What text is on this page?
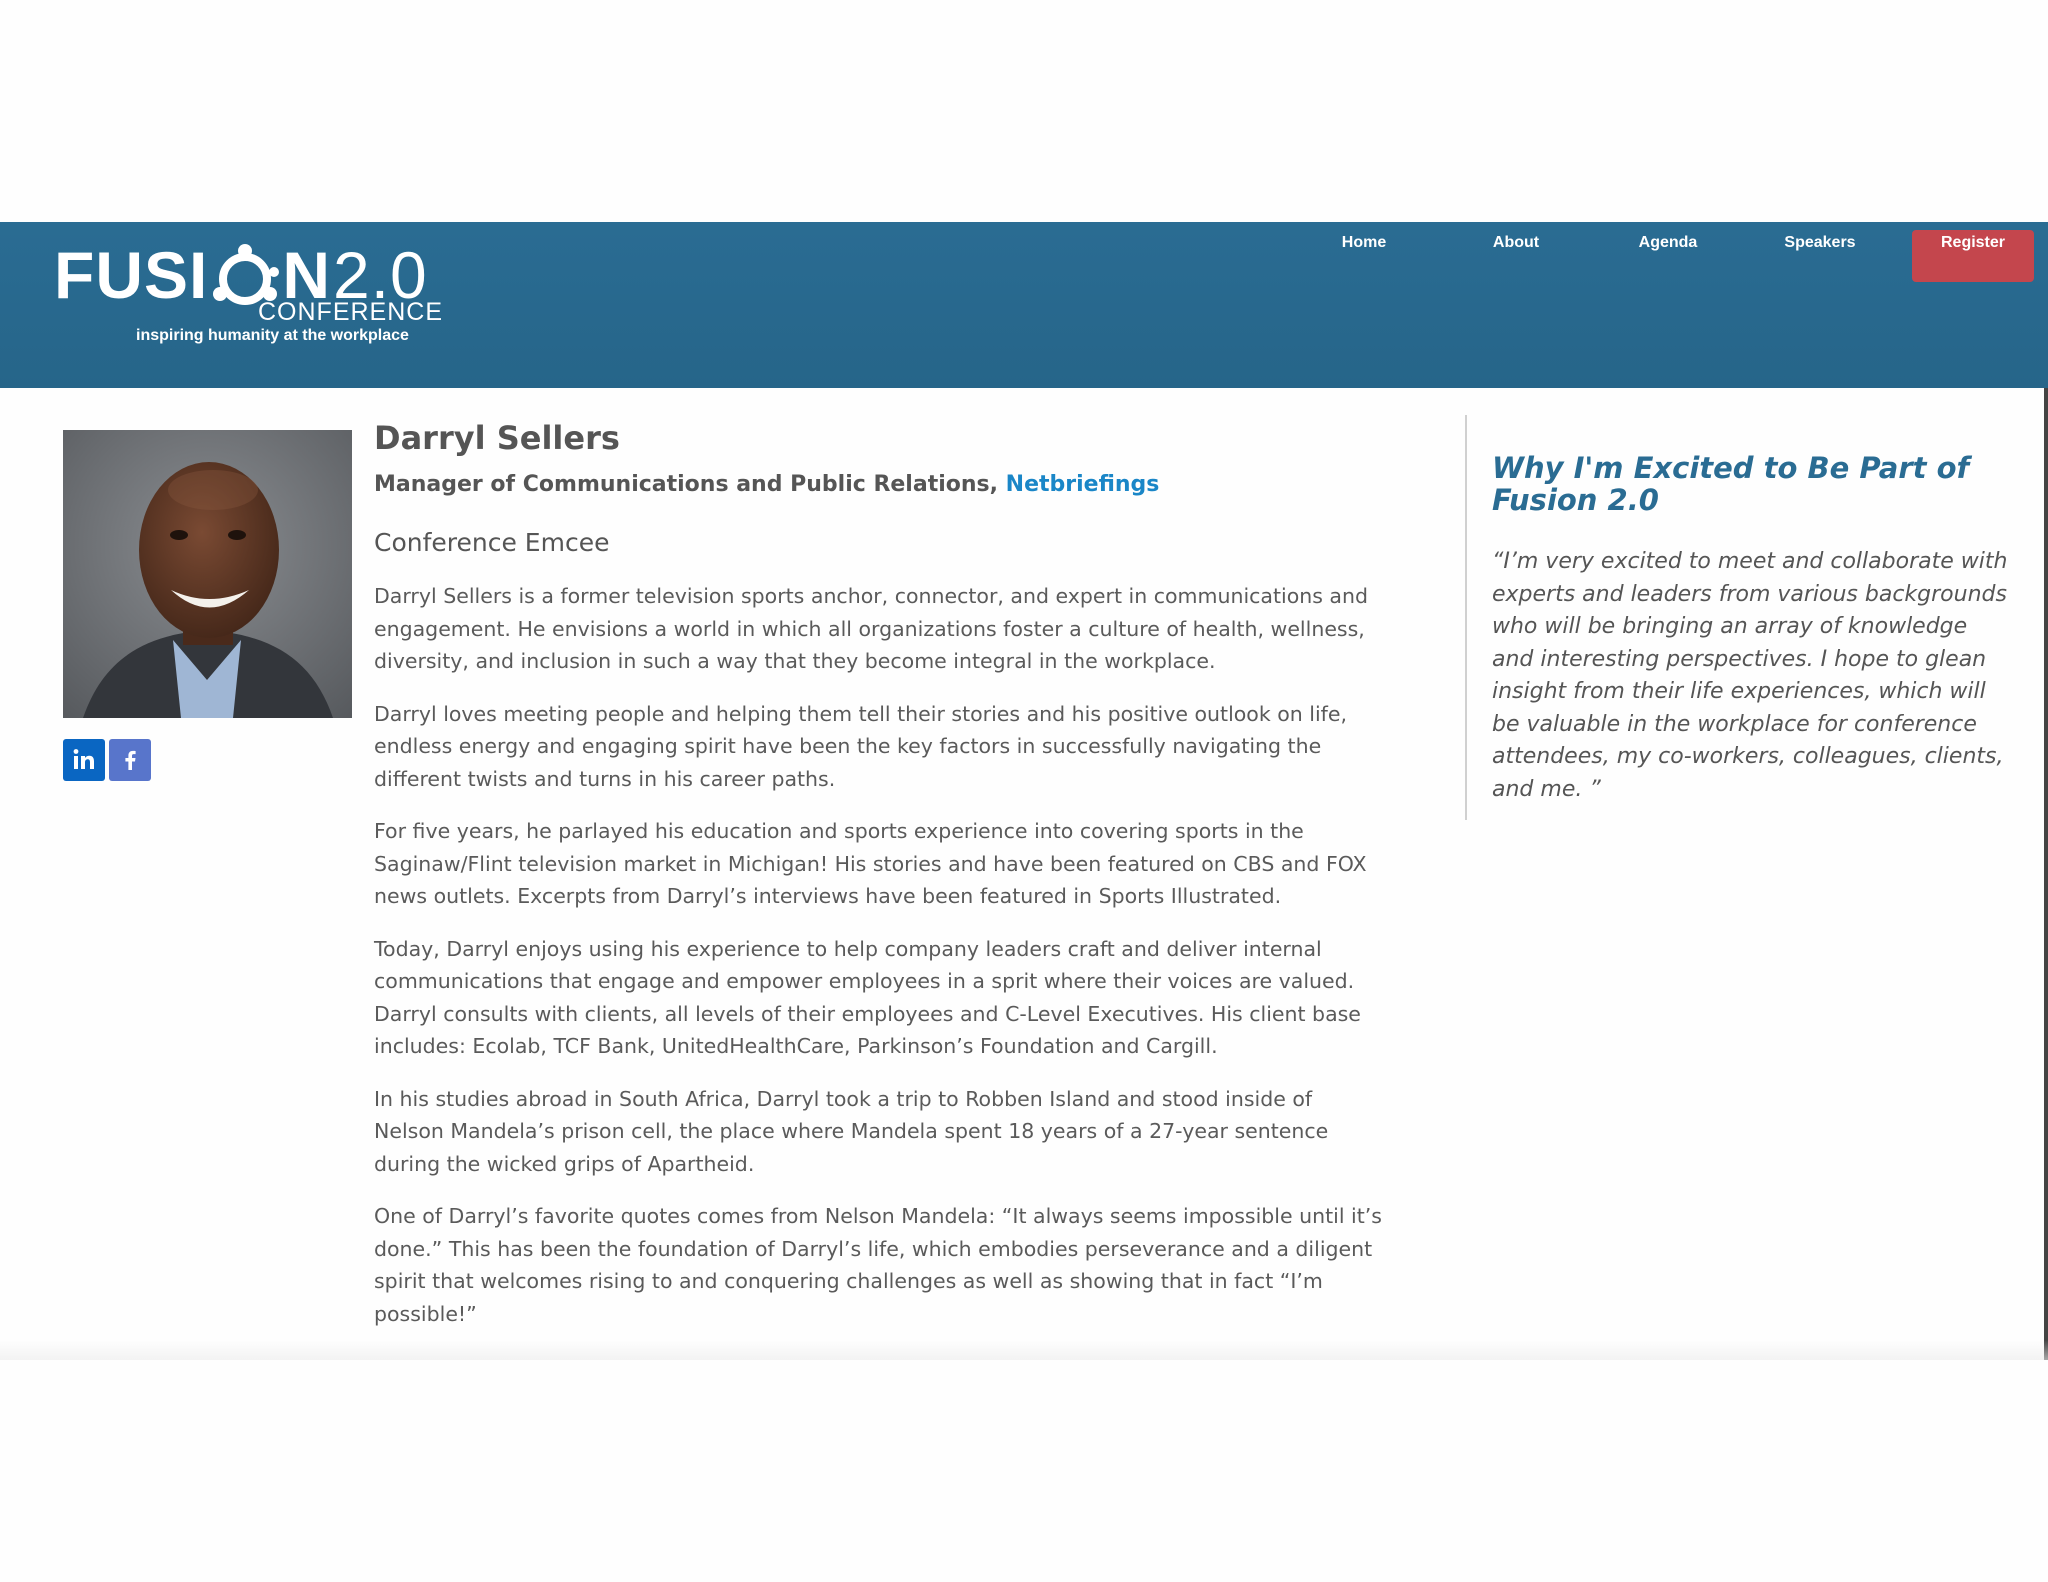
FUSI N 2.0
CONFERENCE
inspiring humanity at the workplace
Home	About	Agenda	Speakers	Register
Darryl Sellers
Manager of Communications and Public Relations, Netbriefings
Conference Emcee

Darryl Sellers is a former television sports anchor, connector, and expert in communications and engagement. He envisions a world in which all organizations foster a culture of health, wellness, diversity, and inclusion in such a way that they become integral in the workplace.

Darryl loves meeting people and helping them tell their stories and his positive outlook on life, endless energy and engaging spirit have been the key factors in successfully navigating the different twists and turns in his career paths.

For five years, he parlayed his education and sports experience into covering sports in the Saginaw/Flint television market in Michigan! His stories and have been featured on CBS and FOX news outlets. Excerpts from Darryl’s interviews have been featured in Sports Illustrated.

Today, Darryl enjoys using his experience to help company leaders craft and deliver internal communications that engage and empower employees in a sprit where their voices are valued. Darryl consults with clients, all levels of their employees and C-Level Executives. His client base includes: Ecolab, TCF Bank, UnitedHealthCare, Parkinson’s Foundation and Cargill.

In his studies abroad in South Africa, Darryl took a trip to Robben Island and stood inside of Nelson Mandela’s prison cell, the place where Mandela spent 18 years of a 27-year sentence during the wicked grips of Apartheid.

One of Darryl’s favorite quotes comes from Nelson Mandela: “It always seems impossible until it’s done.” This has been the foundation of Darryl’s life, which embodies perseverance and a diligent spirit that welcomes rising to and conquering challenges as well as showing that in fact “I’m possible!”

Why I'm Excited to Be Part of Fusion 2.0

“I’m very excited to meet and collaborate with experts and leaders from various backgrounds who will be bringing an array of knowledge and interesting perspectives. I hope to glean insight from their life experiences, which will be valuable in the workplace for conference attendees, my co-workers, colleagues, clients, and me. ”
